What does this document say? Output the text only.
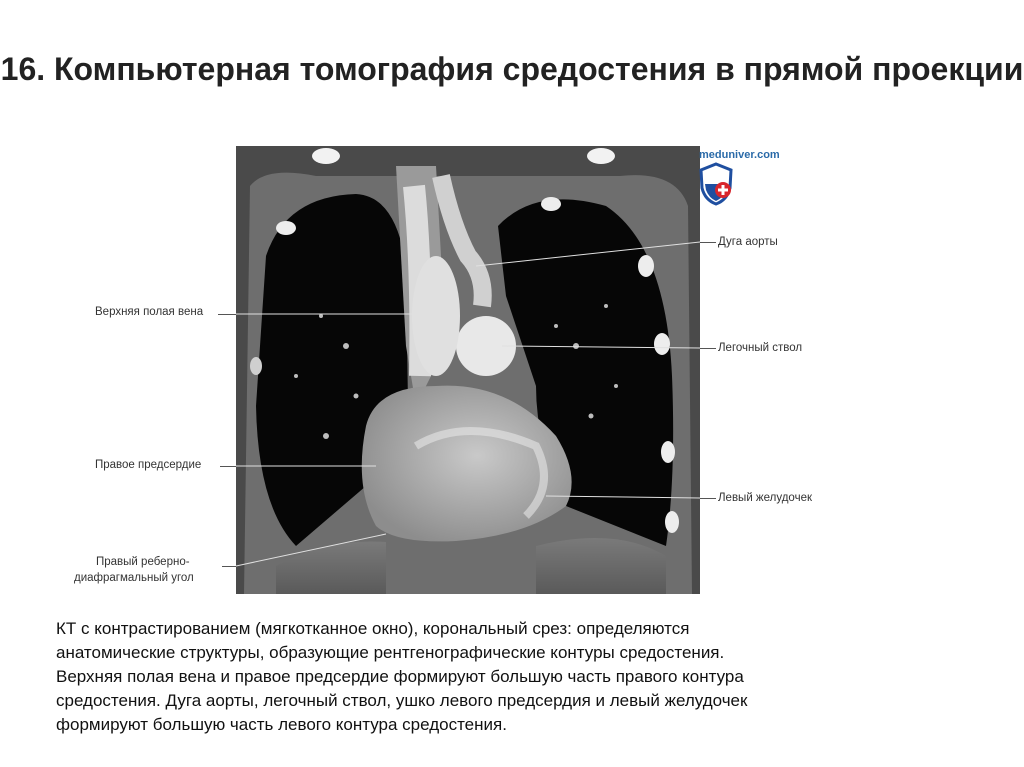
16. Компьютерная томография средостения в прямой проекции
meduniver.com
Верхняя полая вена
Дуга аорты
Легочный ствол
Правое предсердие
Левый желудочек
Правый реберно-
диафрагмальный угол

КТ с контрастированием (мягкотканное окно), корональный срез: определяются

анатомические структуры, образующие рентгенографические контуры средостения.

Верхняя полая вена и правое предсердие формируют большую часть правого контура

средостения. Дуга аорты, легочный ствол, ушко левого предсердия и левый желудочек

формируют большую часть левого контура средостения.
